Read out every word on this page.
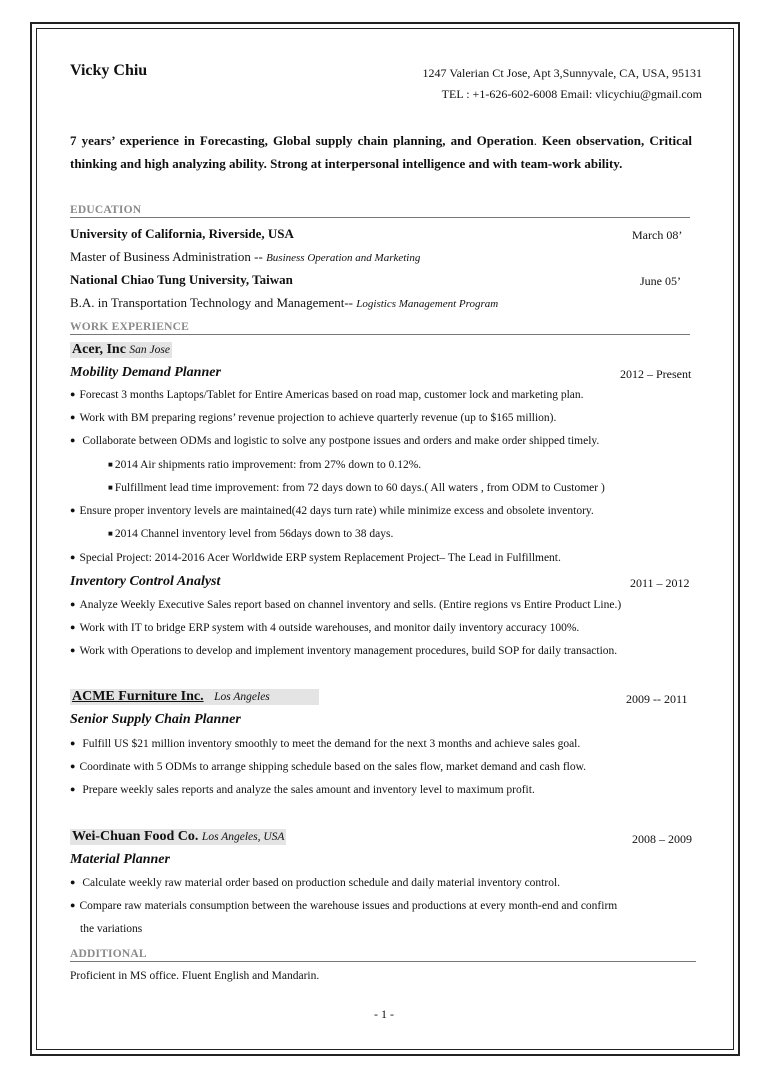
Vicky Chiu	1247 Valerian Ct Jose, Apt 3,Sunnyvale, CA, USA, 95131
TEL : +1-626-602-6008 Email: vlicychiu@gmail.com
7 years’ experience in Forecasting, Global supply chain planning, and Operation. Keen observation, Critical thinking and high analyzing ability. Strong at interpersonal intelligence and with team-work ability.
EDUCATION
University of California, Riverside, USA	March 08’
Master of Business Administration -- Business Operation and Marketing
National Chiao Tung University, Taiwan	June 05’
B.A. in Transportation Technology and Management-- Logistics Management Program
WORK EXPERIENCE
Acer, Inc San Jose
Mobility Demand Planner	2012 – Present
● Forecast 3 months Laptops/Tablet for Entire Americas based on road map, customer lock and marketing plan.
● Work with BM preparing regions’ revenue projection to achieve quarterly revenue (up to $165 million).
● Collaborate between ODMs and logistic to solve any postpone issues and orders and make order shipped timely.
■ 2014 Air shipments ratio improvement: from 27% down to 0.12%.
■ Fulfillment lead time improvement: from 72 days down to 60 days.( All waters , from ODM to Customer )
● Ensure proper inventory levels are maintained(42 days turn rate) while minimize excess and obsolete inventory.
■ 2014 Channel inventory level from 56days down to 38 days.
● Special Project: 2014-2016 Acer Worldwide ERP system Replacement Project– The Lead in Fulfillment.
Inventory Control Analyst	2011 – 2012
● Analyze Weekly Executive Sales report based on channel inventory and sells. (Entire regions vs Entire Product Line.)
● Work with IT to bridge ERP system with 4 outside warehouses, and monitor daily inventory accuracy 100%.
● Work with Operations to develop and implement inventory management procedures, build SOP for daily transaction.
ACME Furniture Inc. Los Angeles	2009 -- 2011
Senior Supply Chain Planner
● Fulfill US $21 million inventory smoothly to meet the demand for the next 3 months and achieve sales goal.
● Coordinate with 5 ODMs to arrange shipping schedule based on the sales flow, market demand and cash flow.
● Prepare weekly sales reports and analyze the sales amount and inventory level to maximum profit.
Wei-Chuan Food Co. Los Angeles, USA	2008 – 2009
Material Planner
● Calculate weekly raw material order based on production schedule and daily material inventory control.
● Compare raw materials consumption between the warehouse issues and productions at every month-end and confirm
the variations
ADDITIONAL
Proficient in MS office. Fluent English and Mandarin.
- 1 -
